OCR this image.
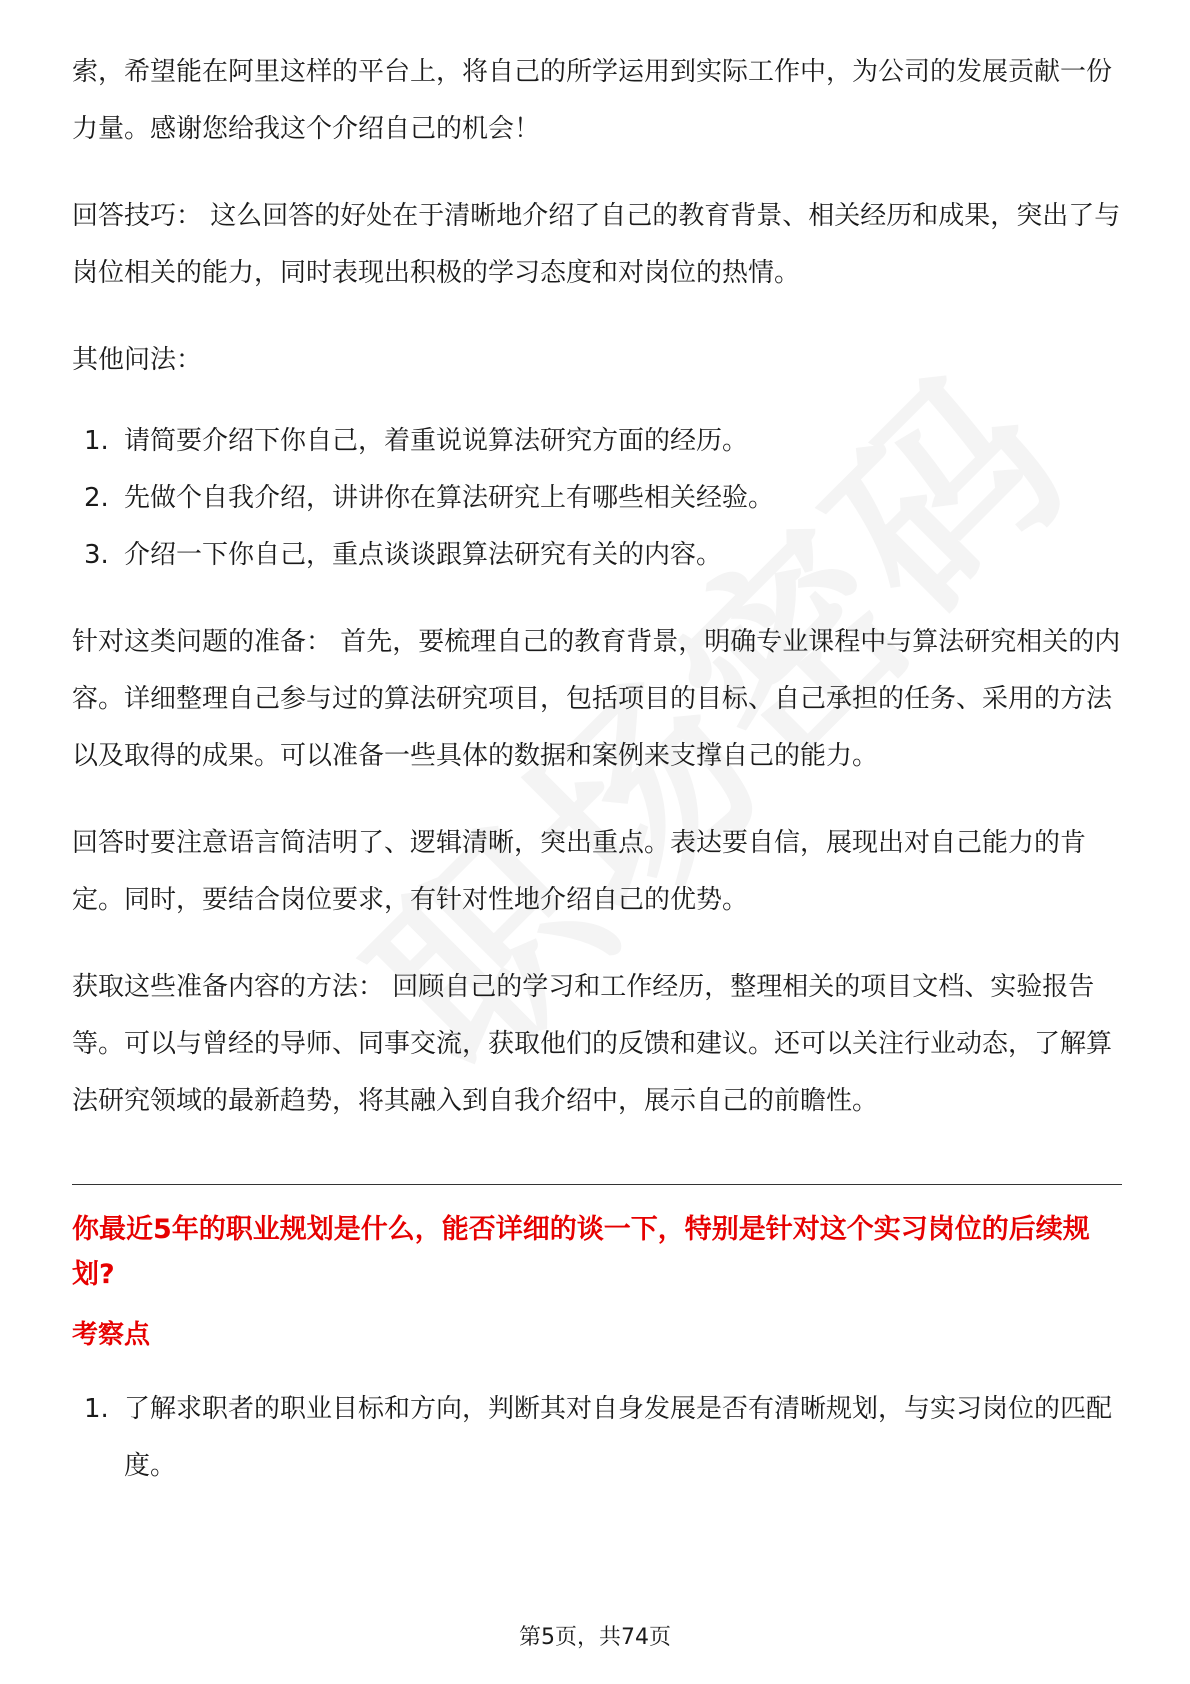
索，希望能在阿里这样的平台上，将自己的所学运用到实际工作中，为公司的发展贡献一份力量。感谢您给我这个介绍自己的机会！

回答技巧： 这么回答的好处在于清晰地介绍了自己的教育背景、相关经历和成果，突出了与岗位相关的能力，同时表现出积极的学习态度和对岗位的热情。

其他问法：

1. 请简要介绍下你自己，着重说说算法研究方面的经历。
2. 先做个自我介绍，讲讲你在算法研究上有哪些相关经验。
3. 介绍一下你自己，重点谈谈跟算法研究有关的内容。

针对这类问题的准备： 首先，要梳理自己的教育背景，明确专业课程中与算法研究相关的内容。详细整理自己参与过的算法研究项目，包括项目的目标、自己承担的任务、采用的方法以及取得的成果。可以准备一些具体的数据和案例来支撑自己的能力。

回答时要注意语言简洁明了、逻辑清晰，突出重点。表达要自信，展现出对自己能力的肯定。同时，要结合岗位要求，有针对性地介绍自己的优势。

获取这些准备内容的方法： 回顾自己的学习和工作经历，整理相关的项目文档、实验报告等。可以与曾经的导师、同事交流，获取他们的反馈和建议。还可以关注行业动态，了解算法研究领域的最新趋势，将其融入到自我介绍中，展示自己的前瞻性。

你最近5年的职业规划是什么，能否详细的谈一下，特别是针对这个实习岗位的后续规划?
考察点
1. 了解求职者的职业目标和方向，判断其对自身发展是否有清晰规划，与实习岗位的匹配度。
第5页，共74页
